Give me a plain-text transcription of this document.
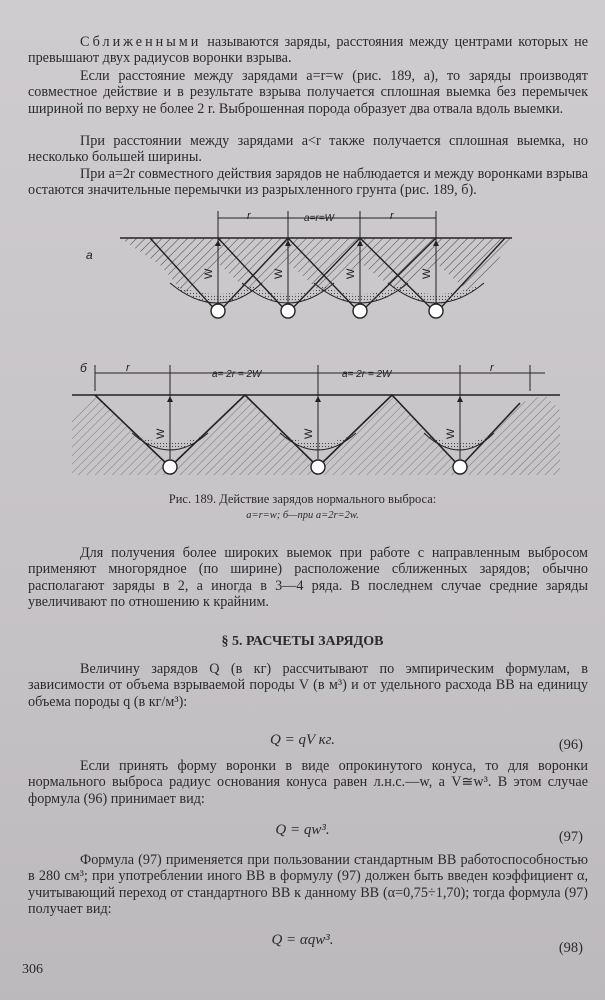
Сближенными называются заряды, расстояния между центрами которых не превышают двух радиусов воронки взрыва.

Если расстояние между зарядами a=r=w (рис. 189, a), то заряды производят совместное действие и в результате взрыва получается сплошная выемка без перемычек шириной по верху не более 2 r. Выброшенная порода образует два отвала вдоль выемки.

При расстоянии между зарядами a<r также получается сплошная выемка, но несколько большей ширины.

При a=2r совместного действия зарядов не наблюдается и между воронками взрыва остаются значительные перемычки из разрыхленного грунта (рис. 189, б).

a
r	a=r=W	r
W	W	W	W
б	r
a= 2r = 2W	a= 2r = 2W
r
W	W	W

Рис. 189. Действие зарядов нормального выброса:
a=r=w; б—при a=2r=2w.

Для получения более широких выемок при работе с направленным выбросом применяют многорядное (по ширине) расположение сближенных зарядов; обычно располагают заряды в 2, а иногда в 3—4 ряда. В последнем случае средние заряды увеличивают по отношению к крайним.

§ 5. РАСЧЕТЫ ЗАРЯДОВ

Величину зарядов Q (в кг) рассчитывают по эмпирическим формулам, в зависимости от объема взрываемой породы V (в м³) и от удельного расхода ВВ на единицу объема породы q (в кг/м³):

Q = qV кг.	(96)

Если принять форму воронки в виде опрокинутого конуса, то для воронки нормального выброса радиус основания конуса равен л.н.с.—w, а V≅w³. В этом случае формула (96) принимает вид:

Q = qw³.	(97)

Формула (97) применяется при пользовании стандартным ВВ работоспособностью в 280 см³; при употреблении иного ВВ в формулу (97) должен быть введен коэффициент α, учитывающий переход от стандартного ВВ к данному ВВ (α=0,75÷1,70); тогда формула (97) получает вид:

Q = αqw³.	(98)

306
